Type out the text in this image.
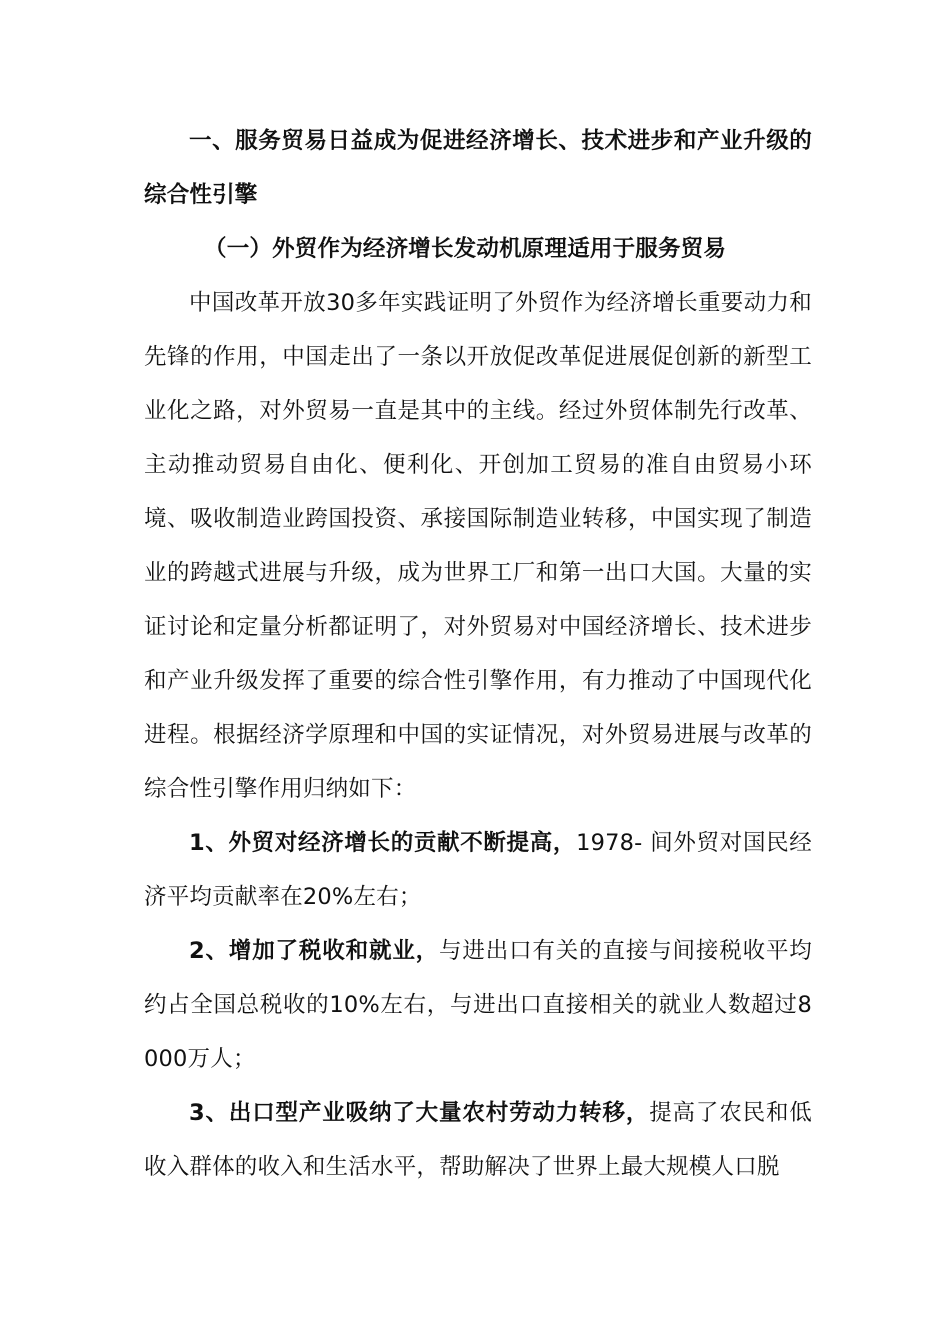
一、服务贸易日益成为促进经济增长、技术进步和产业升级的综合性引擎

（一）外贸作为经济增长发动机原理适用于服务贸易

中国改革开放30多年实践证明了外贸作为经济增长重要动力和先锋的作用，中国走出了一条以开放促改革促进展促创新的新型工业化之路，对外贸易一直是其中的主线。经过外贸体制先行改革、主动推动贸易自由化、便利化、开创加工贸易的准自由贸易小环境、吸收制造业跨国投资、承接国际制造业转移，中国实现了制造业的跨越式进展与升级，成为世界工厂和第一出口大国。大量的实证讨论和定量分析都证明了，对外贸易对中国经济增长、技术进步和产业升级发挥了重要的综合性引擎作用，有力推动了中国现代化进程。根据经济学原理和中国的实证情况，对外贸易进展与改革的综合性引擎作用归纳如下：

1、外贸对经济增长的贡献不断提高，1978- 间外贸对国民经济平均贡献率在20%左右；

2、增加了税收和就业，与进出口有关的直接与间接税收平均约占全国总税收的10%左右，与进出口直接相关的就业人数超过8000万人；

3、出口型产业吸纳了大量农村劳动力转移，提高了农民和低收入群体的收入和生活水平，帮助解决了世界上最大规模人口脱
